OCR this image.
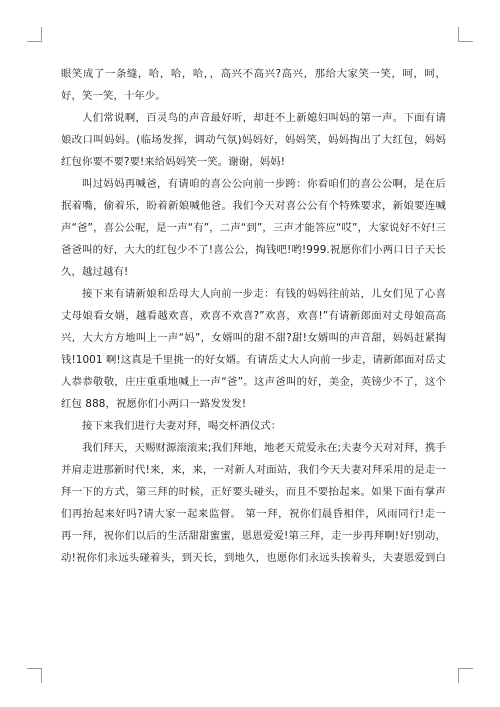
眼笑成了一条缝，哈，哈，哈，，高兴不高兴?高兴，那给大家笑一笑，呵，呵，
好，笑一笑，十年少。
人们常说啊，百灵鸟的声音最好听，却赶不上新媳妇叫妈的第一声。下面有请
娘改口叫妈妈。(临场发挥，调动气氛)妈妈好，妈妈笑，妈妈掏出了大红包，妈妈
红包你要不要?要!来给妈妈笑一笑。谢谢，妈妈!
叫过妈妈再喊爸，有请咱的喜公公向前一步跨：你看咱们的喜公公啊，是在后
抿着嘴，偷着乐，盼着新娘喊他爸。我们今天对喜公公有个特殊要求，新娘要连喊
声“爸”，喜公公呢，是一声“有”，二声“到”，三声才能答应“哎”，大家说好不好!三
爸爸叫的好，大大的红包少不了!喜公公，掏钱吧!哟!999.祝愿你们小两口日子天长
久，越过越有!
接下来有请新娘和岳母大人向前一步走：有钱的妈妈往前站，儿女们见了心喜
丈母娘看女婿，越看越欢喜，欢喜不欢喜?”欢喜，欢喜!”有请新郎面对丈母娘高高
兴，大大方方地叫上一声“妈”，女婿叫的甜不甜?甜!女婿叫的声音甜，妈妈赶紧掏
钱!1001 啊!这真是千里挑一的好女婿。有请岳丈大人向前一步走，请新郎面对岳丈
人恭恭敬敬，庄庄重重地喊上一声“爸”。这声爸叫的好，美金，英镑少不了，这个
红包 888，祝愿你们小两口一路发发发!
接下来我们进行夫妻对拜，喝交杯酒仪式：
我们拜天，天赐财源滚滚来;我们拜地，地老天荒爱永在;夫妻今天对对拜，携手
并肩走进那新时代!来，来，来，一对新人对面站，我们今天夫妻对拜采用的是走一
拜一下的方式，第三拜的时候，正好要头碰头，而且不要抬起来。如果下面有掌声
们再抬起来好吗?请大家一起来监督。 第一拜，祝你们晨昏相伴，风雨同行!走一
再一拜，祝你们以后的生活甜甜蜜蜜，恩恩爱爱!第三拜，走一步再拜啊!好!别动，
动!祝你们永远头碰着头，到天长，到地久，也愿你们永远头挨着头，夫妻恩爱到白
